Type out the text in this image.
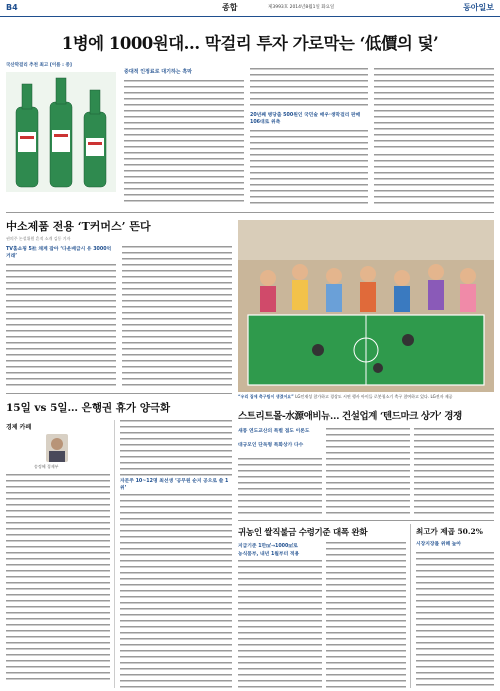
B4	종합	제3993호 2014년8월1일 화요일	동아일보
1병에 1000원대… 막걸리 투자 가로막는 ‘低價의 덫’
국산막걸리 추천 최고 [이름 : 중]
중대적 인정료로 대기하는 흑막
20년째 병당출 500원인 국민술 매우·생막걸리 판매 106대로 위축
中소제품 전용 ‘T커머스’ 뜬다
권의주 논설위원 흔적 소개 김동 기자
TV홈쇼핑 5社 채계 잡아 ‘다운배급시 유 3000억 거래’
“우리 집에 축구팀이 생겼어요” LG인재성 참가하고 경상도 시연 행사 아이들 로봇청소기 축구 참여하고 있다. LG전자 제공
스트리트몰-水源애비뉴… 건설업계 ‘텐드마크 상가’ 경쟁
새풍 연도교산의 특별 접도 이론도
대규모인 단독형 특화상가 다수
15일 vs 5일… 은행권 휴가 양극화
경제 카페
송정혜 경제부
자문주 10~12명 최선생 ‘공무원 순지 공으로 쓸 1위’
귀농인 쌀직불금 수령기준 대폭 완화
지급기준 1만㎡→1000㎡로
농식품부, 내년 1월부터 적용
최고가 제곱 50.2%
시장지장률 위해 높아
